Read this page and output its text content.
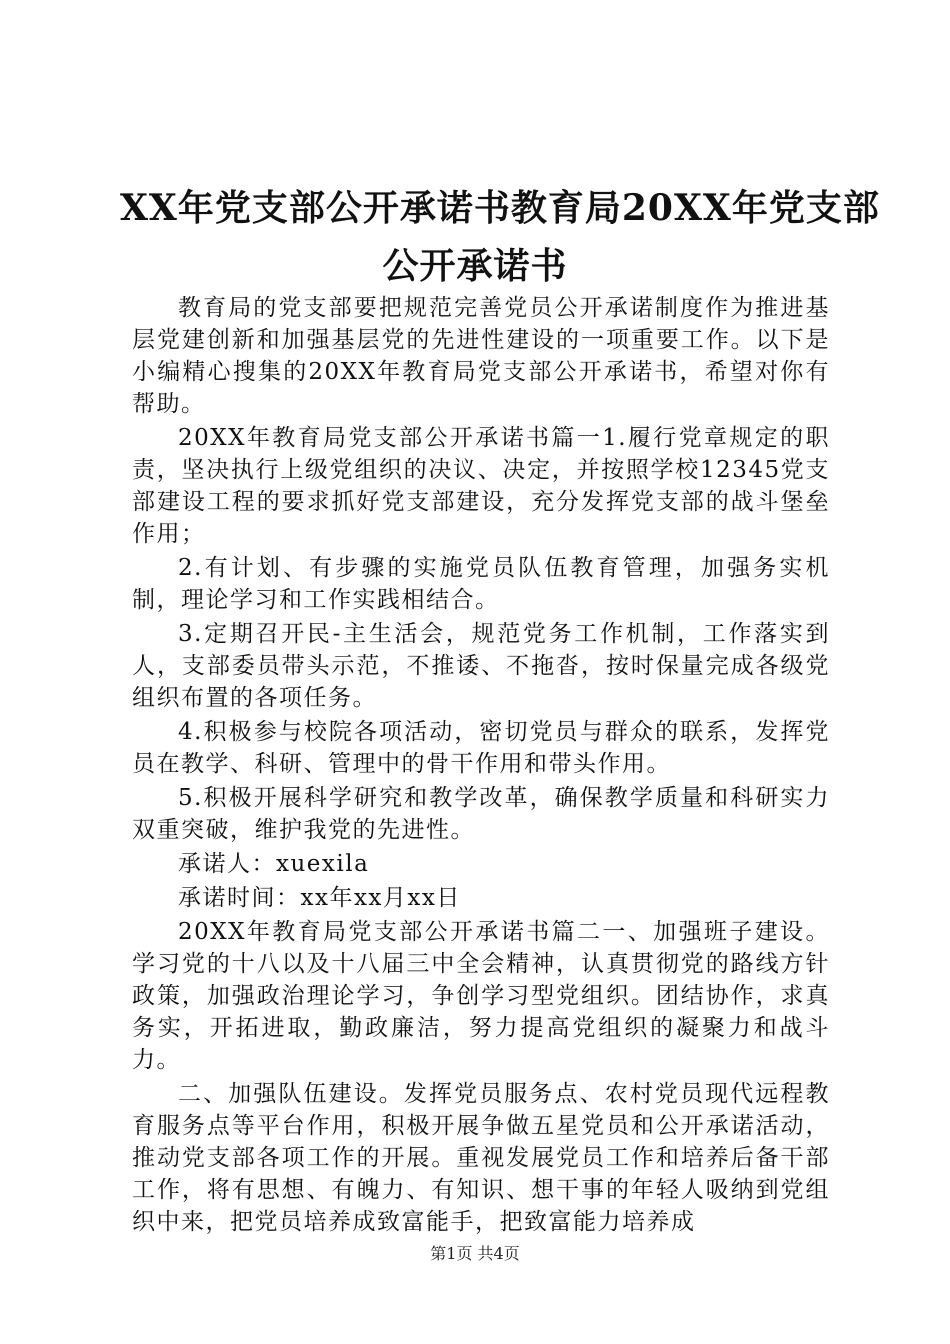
XX年党支部公开承诺书教育局20XX年党支部
公开承诺书

教育局的党支部要把规范完善党员公开承诺制度作为推进基层党建创新和加强基层党的先进性建设的一项重要工作。以下是小编精心搜集的20XX年教育局党支部公开承诺书，希望对你有帮助。

20XX年教育局党支部公开承诺书篇一1.履行党章规定的职责，坚决执行上级党组织的决议、决定，并按照学校12345党支部建设工程的要求抓好党支部建设，充分发挥党支部的战斗堡垒作用；

2.有计划、有步骤的实施党员队伍教育管理，加强务实机制，理论学习和工作实践相结合。

3.定期召开民-主生活会，规范党务工作机制，工作落实到人，支部委员带头示范，不推诿、不拖沓，按时保量完成各级党组织布置的各项任务。

4.积极参与校院各项活动，密切党员与群众的联系，发挥党员在教学、科研、管理中的骨干作用和带头作用。

5.积极开展科学研究和教学改革，确保教学质量和科研实力双重突破，维护我党的先进性。

承诺人：xuexila

承诺时间：xx年xx月xx日

20XX年教育局党支部公开承诺书篇二一、加强班子建设。学习党的十八以及十八届三中全会精神，认真贯彻党的路线方针政策，加强政治理论学习，争创学习型党组织。团结协作，求真务实，开拓进取，勤政廉洁，努力提高党组织的凝聚力和战斗力。

二、加强队伍建设。发挥党员服务点、农村党员现代远程教育服务点等平台作用，积极开展争做五星党员和公开承诺活动，推动党支部各项工作的开展。重视发展党员工作和培养后备干部工作，将有思想、有魄力、有知识、想干事的年轻人吸纳到党组织中来，把党员培养成致富能手，把致富能力培养成

第1页 共4页
